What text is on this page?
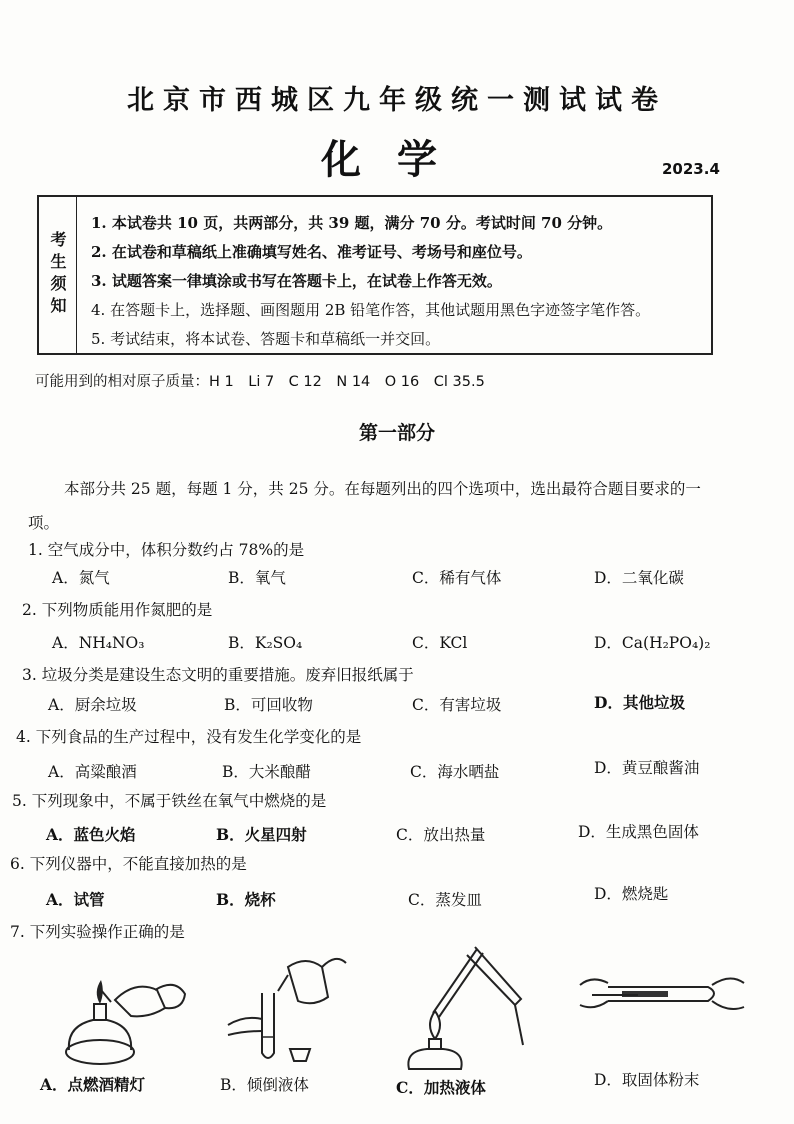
北京市西城区九年级统一测试试卷
化学	2023.4
考生须知
1. 本试卷共 10 页，共两部分，共 39 题，满分 70 分。考试时间 70 分钟。
2. 在试卷和草稿纸上准确填写姓名、准考证号、考场号和座位号。
3. 试题答案一律填涂或书写在答题卡上，在试卷上作答无效。
4. 在答题卡上，选择题、画图题用 2B 铅笔作答，其他试题用黑色字迹签字笔作答。
5. 考试结束，将本试卷、答题卡和草稿纸一并交回。
可能用到的相对原子质量：H 1　Li 7　C 12　N 14　O 16　Cl 35.5
第一部分
本部分共 25 题，每题 1 分，共 25 分。在每题列出的四个选项中，选出最符合题目要求的一项。
1. 空气成分中，体积分数约占 78%的是
A．氮气	B．氧气	C．稀有气体	D．二氧化碳
2. 下列物质能用作氮肥的是
A．NH₄NO₃	B．K₂SO₄	C．KCl	D．Ca(H₂PO₄)₂
3. 垃圾分类是建设生态文明的重要措施。废弃旧报纸属于
A．厨余垃圾	B．可回收物	C．有害垃圾	D．其他垃圾
4. 下列食品的生产过程中，没有发生化学变化的是
A．高粱酿酒	B．大米酿醋	C．海水晒盐	D．黄豆酿酱油
5. 下列现象中，不属于铁丝在氧气中燃烧的是
A．蓝色火焰	B．火星四射	C．放出热量	D．生成黑色固体
6. 下列仪器中，不能直接加热的是
A．试管	B．烧杯	C．蒸发皿	D．燃烧匙
7. 下列实验操作正确的是
A．点燃酒精灯	B．倾倒液体	C．加热液体	D．取固体粉末
